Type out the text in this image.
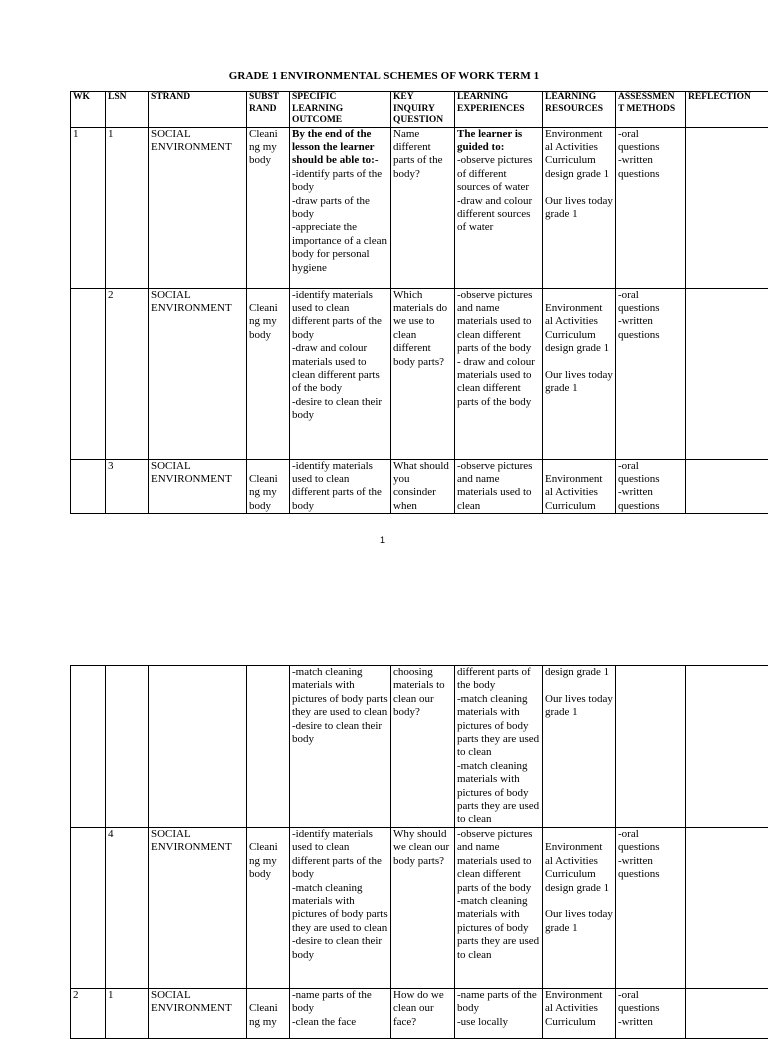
GRADE 1 ENVIRONMENTAL SCHEMES OF WORK TERM 1
WK	LSN	STRAND	SUBST
RAND	SPECIFIC
LEARNING
OUTCOME	KEY
INQUIRY
QUESTION	LEARNING
EXPERIENCES	LEARNING
RESOURCES	ASSESSMEN
T METHODS	REFLECTION

1	1	SOCIAL
ENVIRONMENT	Cleani
ng my
body	By the end of the lesson the learner should be able to:-
-identify parts of the body
-draw parts of the body
-appreciate the importance of a clean body for personal hygiene	Name different parts of the body?	The learner is guided to:
-observe pictures of different sources of water
-draw and colour different sources of water	Environment al Activities Curriculum design grade 1

Our lives today grade 1	-oral questions
-written questions	

	2	SOCIAL
ENVIRONMENT	
Cleani
ng my
body	-identify materials used to clean different parts of the body
-draw and colour materials used to clean different parts of the body
-desire to clean their body	Which materials do we use to clean different body parts?	-observe pictures and name materials used to clean different parts of the body
- draw and colour materials used to clean different parts of the body	
Environment al Activities Curriculum design grade 1

Our lives today grade 1	-oral questions
-written questions	

	3	SOCIAL
ENVIRONMENT	
Cleani
ng my
body	-identify materials used to clean different parts of the body	What should you consinder when	-observe pictures and name materials used to clean	
Environment al Activities Curriculum	-oral questions
-written questions	

1

				-match cleaning materials with pictures of body parts they are used to clean
-desire to clean their body	choosing materials to clean our body?	different parts of the body
-match cleaning materials with pictures of body parts they are used to clean
-match cleaning materials with pictures of body parts they are used to clean	design grade 1

Our lives today grade 1		

	4	SOCIAL
ENVIRONMENT	
Cleani
ng my
body	-identify materials used to clean different parts of the body
-match cleaning materials with pictures of body parts they are used to clean
-desire to clean their body	Why should we clean our body parts?	-observe pictures and name materials used to clean different parts of the body
-match cleaning materials with pictures of body parts they are used to clean	
Environment al Activities Curriculum design grade 1

Our lives today grade 1	-oral questions
-written questions	

2	1	SOCIAL
ENVIRONMENT	
Cleani
ng my	-name parts of the body
-clean the face	How do we clean our face?	-name parts of the body
-use locally	Environment al Activities Curriculum	-oral questions
-written	
